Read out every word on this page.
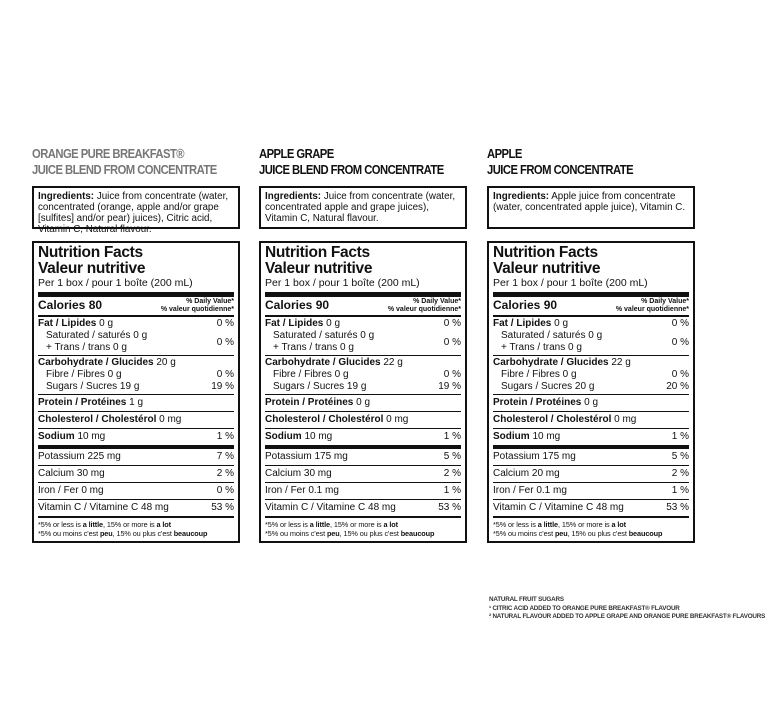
ORANGE PURE BREAKFAST®
JUICE BLEND FROM CONCENTRATE
Ingredients: Juice from concentrate (water, concentrated (orange, apple and/or grape [sulfites] and/or pear) juices), Citric acid, Vitamin C, Natural flavour.
Nutrition Facts
Valeur nutritive
Per 1 box / pour 1 boîte (200 mL)
Calories 80	% Daily Value*
% valeur quotidienne*
Fat / Lipides 0 g	0 %
Saturated / saturés 0 g
+ Trans / trans 0 g	0 %
Carbohydrate / Glucides 20 g
Fibre / Fibres 0 g	0 %
Sugars / Sucres 19 g	19 %
Protein / Protéines 1 g
Cholesterol / Cholestérol 0 mg
Sodium 10 mg	1 %
Potassium 225 mg	7 %
Calcium 30 mg	2 %
Iron / Fer 0 mg	0 %
Vitamin C / Vitamine C 48 mg	53 %
*5% or less is a little, 15% or more is a lot
*5% ou moins c'est peu, 15% ou plus c'est beaucoup
APPLE GRAPE
JUICE BLEND FROM CONCENTRATE
Ingredients: Juice from concentrate (water, concentrated apple and grape juices), Vitamin C, Natural flavour.
Nutrition Facts
Valeur nutritive
Per 1 box / pour 1 boîte (200 mL)
Calories 90	% Daily Value*
% valeur quotidienne*
Fat / Lipides 0 g	0 %
Saturated / saturés 0 g
+ Trans / trans 0 g	0 %
Carbohydrate / Glucides 22 g
Fibre / Fibres 0 g	0 %
Sugars / Sucres 19 g	19 %
Protein / Protéines 0 g
Cholesterol / Cholestérol 0 mg
Sodium 10 mg	1 %
Potassium 175 mg	5 %
Calcium 30 mg	2 %
Iron / Fer 0.1 mg	1 %
Vitamin C / Vitamine C 48 mg	53 %
*5% or less is a little, 15% or more is a lot
*5% ou moins c'est peu, 15% ou plus c'est beaucoup
APPLE
JUICE FROM CONCENTRATE
Ingredients: Apple juice from concentrate (water, concentrated apple juice), Vitamin C.
Nutrition Facts
Valeur nutritive
Per 1 box / pour 1 boîte (200 mL)
Calories 90	% Daily Value*
% valeur quotidienne*
Fat / Lipides 0 g	0 %
Saturated / saturés 0 g
+ Trans / trans 0 g	0 %
Carbohydrate / Glucides 22 g
Fibre / Fibres 0 g	0 %
Sugars / Sucres 20 g	20 %
Protein / Protéines 0 g
Cholesterol / Cholestérol 0 mg
Sodium 10 mg	1 %
Potassium 175 mg	5 %
Calcium 20 mg	2 %
Iron / Fer 0.1 mg	1 %
Vitamin C / Vitamine C 48 mg	53 %
*5% or less is a little, 15% or more is a lot
*5% ou moins c'est peu, 15% ou plus c'est beaucoup
NATURAL FRUIT SUGARS
¹ CITRIC ACID ADDED TO ORANGE PURE BREAKFAST® FLAVOUR
² NATURAL FLAVOUR ADDED TO APPLE GRAPE AND ORANGE PURE BREAKFAST® FLAVOURS
